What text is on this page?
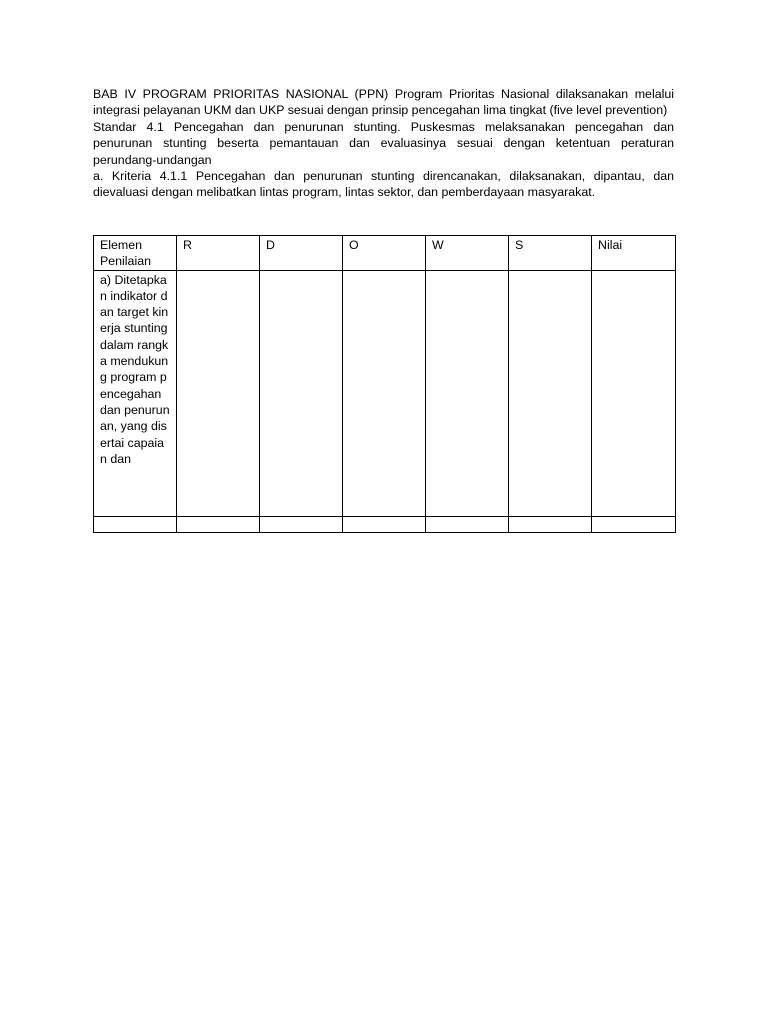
BAB IV PROGRAM PRIORITAS NASIONAL (PPN) Program Prioritas Nasional dilaksanakan melalui integrasi pelayanan UKM dan UKP sesuai dengan prinsip pencegahan lima tingkat (five level prevention)

Standar 4.1 Pencegahan dan penurunan stunting. Puskesmas melaksanakan pencegahan dan penurunan stunting beserta pemantauan dan evaluasinya sesuai dengan ketentuan peraturan perundang-undangan

a. Kriteria 4.1.1 Pencegahan dan penurunan stunting direncanakan, dilaksanakan, dipantau, dan dievaluasi dengan melibatkan lintas program, lintas sektor, dan pemberdayaan masyarakat.

Elemen Penilaian	R	D	O	W	S	Nilai

a) Ditetapkan indikator dan target kinerja stunting dalam rangka mendukung program pencegahan dan penurunan, yang disertai capaian dan						
